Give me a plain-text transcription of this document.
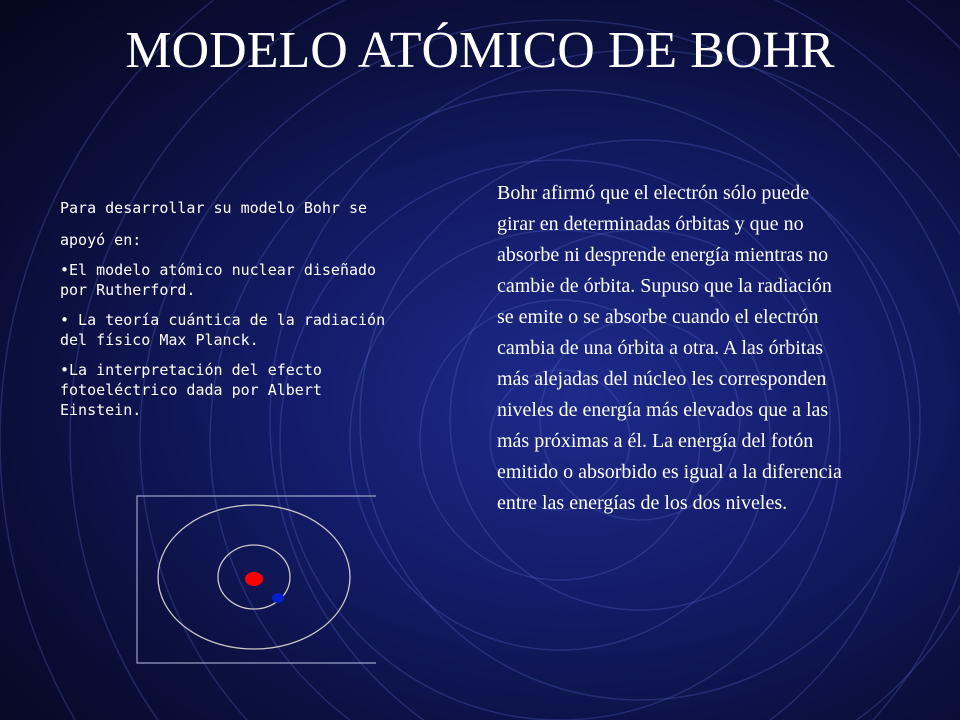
MODELO ATÓMICO DE BOHR

Para desarrollar su modelo Bohr se apoyó en:

•El modelo atómico nuclear diseñado por Rutherford.

• La teoría cuántica de la radiación del físico Max Planck.

•La interpretación del efecto fotoeléctrico dada por Albert Einstein.

Bohr afirmó que el electrón sólo puede girar en determinadas órbitas y que no absorbe ni desprende energía mientras no cambie de órbita. Supuso que la radiación se emite o se absorbe cuando el electrón cambia de una órbita a otra. A las órbitas más alejadas del núcleo les corresponden niveles de energía más elevados que a las más próximas a él. La energía del fotón emitido o absorbido es igual a la diferencia entre las energías de los dos niveles.
